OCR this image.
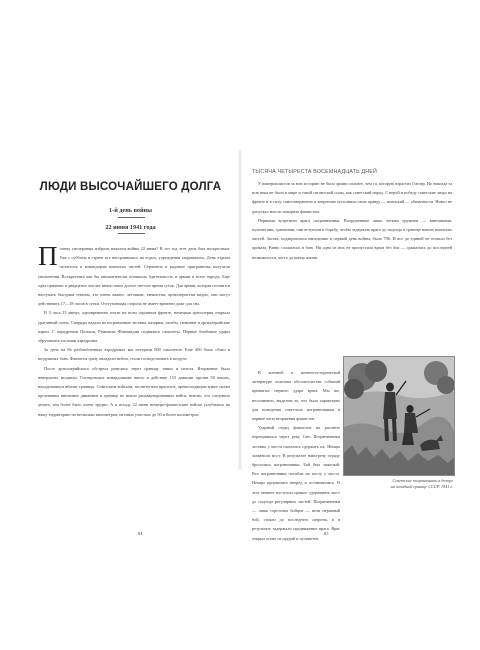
ЛЮДИ ВЫСОЧАЙШЕГО ДОЛГА
1-й день войны
22 июня 1941 года

Почему гитлеровцы избрали началом войны 22 июня? В тот год этот день был воскресным. Уже с субботы и стране все настраивались на отдых, учреждения закрывались. День отдыха полагался и командирам воинских частей. Сержанты и рядовые приграничья получали увольнения. Воскресенье как бы автоматически понижало бдительность и армии и всего народа. Еще одна причина: в двадцатых числах июня самое долгое светлое время суток. Для армии, которая готовится наступать быстрым темпом, это очень важно: летчикам, танкистам, артиллеристам видно, они могут действовать 17—18 часов в сутки. Отступающая сторона не имеет времени даже для сна.

В 3 часа 15 минут, одновременно почти на всем огромном фронте, немецкая артиллерия открыла ураганный огонь. Снаряды падали на пограничные заставы, казармы, штабы, танковые и артиллерийские парки. С аэродромов Польши, Румынии, Финляндии поднялись самолеты. Первые бомбовые удары обрушились на наши аэродромы.

За день на 66 разбомбленных аэродромах мы потеряли 800 самолетов. Еще 400 было сбито в воздушных боях. Фашисты сразу овладели небом, стали господствовать в воздухе.

После артиллерийского обстрела ринулись через границу танки и пехота. Вторжение было невероятно мощным. Гитлеровское командование ввело в действие 153 дивизии против 58 наших, находившихся вблизи границы. Советским войскам, застигнутым врасплох, превосходящим вдвое силам противника внезапное движение к границе не имело расквартированных войск, неясно, что следовало делать, тем более было очень трудно. А к исходу 22 июня немецко-фашистские войска углубились на нашу территорию на несколько километров, на иных участках до 50 и более километров.

84
ТЫСЯЧА ЧЕТЫРЕСТА ВОСЕМНАДЦАТЬ ДНЕЙ

У империалистов за всю историю не было армии сильнее, чем та, которую взрастил Гитлер. Но никогда за всю века не было в мире и такой гигантской силы, как советский народ. С верой в победу советские люди на фронте и в тылу самоотверженно и энергично исполняли свою правду — воинский — обязанности. Никто не допускал мысли покорить фашистам.

Первыми встретили врага пограничники. Вооруженные лишь легким оружием — винтовками, пулеметами, гранатами, они вступили в борьбу, чтобы задержать врага до подхода к границе наших воинских частей. Застав, подвергшихся нападению в первый день войны, было 796. И все до единой не отошли без приказа. Равно сложились в бою. Ни одна из них не пропустила врага без боя — сражались до последней возможности, часто до конца жизни.

В военной и военно-исторической литературе описаны обстоятельства событий принятых первого удара врага. Мы же, несомненно, выделим то, что было характерно для поведения советских пограничников в первые часы вторжения фашистов.

Ударный отряд фашистов на рассвете переправился через реку Сан. Пограничники заставы у моста пытались сдержать их. Немцы захватили мост. В результате навстречу отряду бросились пограничники. Бой был тяжелый. Все пограничники погибли на посту у моста. Немцы прорвались вперед и остановились. В этот момент поступил приказ: удерживать мост до подхода регулярных частей. Пограничники — лишь горсточка бойцов — вели неравный бой, стояли до последнего патрона, и в результате задержали продвижение врага. Враг открыл огонь из орудий и пулеметов.

Советские пограничники в дозоре

на западной границе СССР. 1941 г.

85
